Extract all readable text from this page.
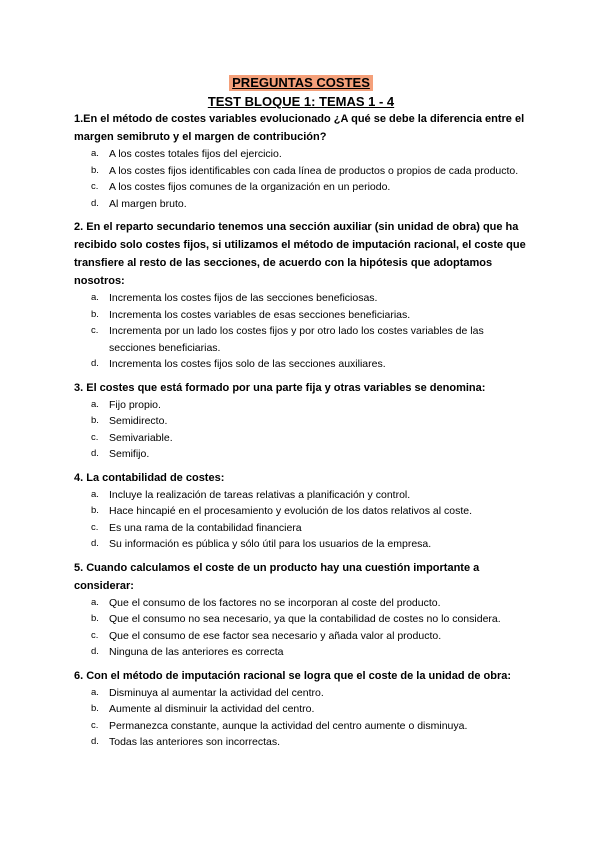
PREGUNTAS COSTES
TEST BLOQUE 1: TEMAS 1 - 4
1.En el método de costes variables evolucionado ¿A qué se debe la diferencia entre el margen semibruto y el margen de contribución?
a. A los costes totales fijos del ejercicio.
b. A los costes fijos identificables con cada línea de productos o propios de cada producto.
c.	A los costes fijos comunes de la organización en un periodo.
d. Al margen bruto.
2. En el reparto secundario tenemos una sección auxiliar (sin unidad de obra) que ha recibido solo costes fijos, si utilizamos el método de imputación racional, el coste que transfiere al resto de las secciones, de acuerdo con la hipótesis que adoptamos nosotros:
a. Incrementa los costes fijos de las secciones beneficiosas.
b. Incrementa los costes variables de esas secciones beneficiarias.
c.	Incrementa por un lado los costes fijos y por otro lado los costes variables de las secciones beneficiarias.
d. Incrementa los costes fijos solo de las secciones auxiliares.
3. El costes que está formado por una parte fija y otras variables se denomina:
a. Fijo propio.
b. Semidirecto.
c.	Semivariable.
d. Semifijo.
4. La contabilidad de costes:
a. Incluye la realización de tareas relativas a planificación y control.
b. Hace hincapié en el procesamiento y evolución de los datos relativos al coste.
c.	Es una rama de la contabilidad financiera
d. Su información es pública y sólo útil para los usuarios de la empresa.
5. Cuando calculamos el coste de un producto hay una cuestión importante a considerar:
a. Que el consumo de los factores no se incorporan al coste del producto.
b. Que el consumo no sea necesario, ya que la contabilidad de costes no lo considera.
c.	Que el consumo de ese factor sea necesario y añada valor al producto.
d. Ninguna de las anteriores es correcta
6. Con el método de imputación racional se logra que el coste de la unidad de obra:
a. Disminuya al aumentar la actividad del centro.
b. Aumente al disminuir la actividad del centro.
c.	Permanezca constante, aunque la actividad del centro aumente o disminuya.
d. Todas las anteriores son incorrectas.
